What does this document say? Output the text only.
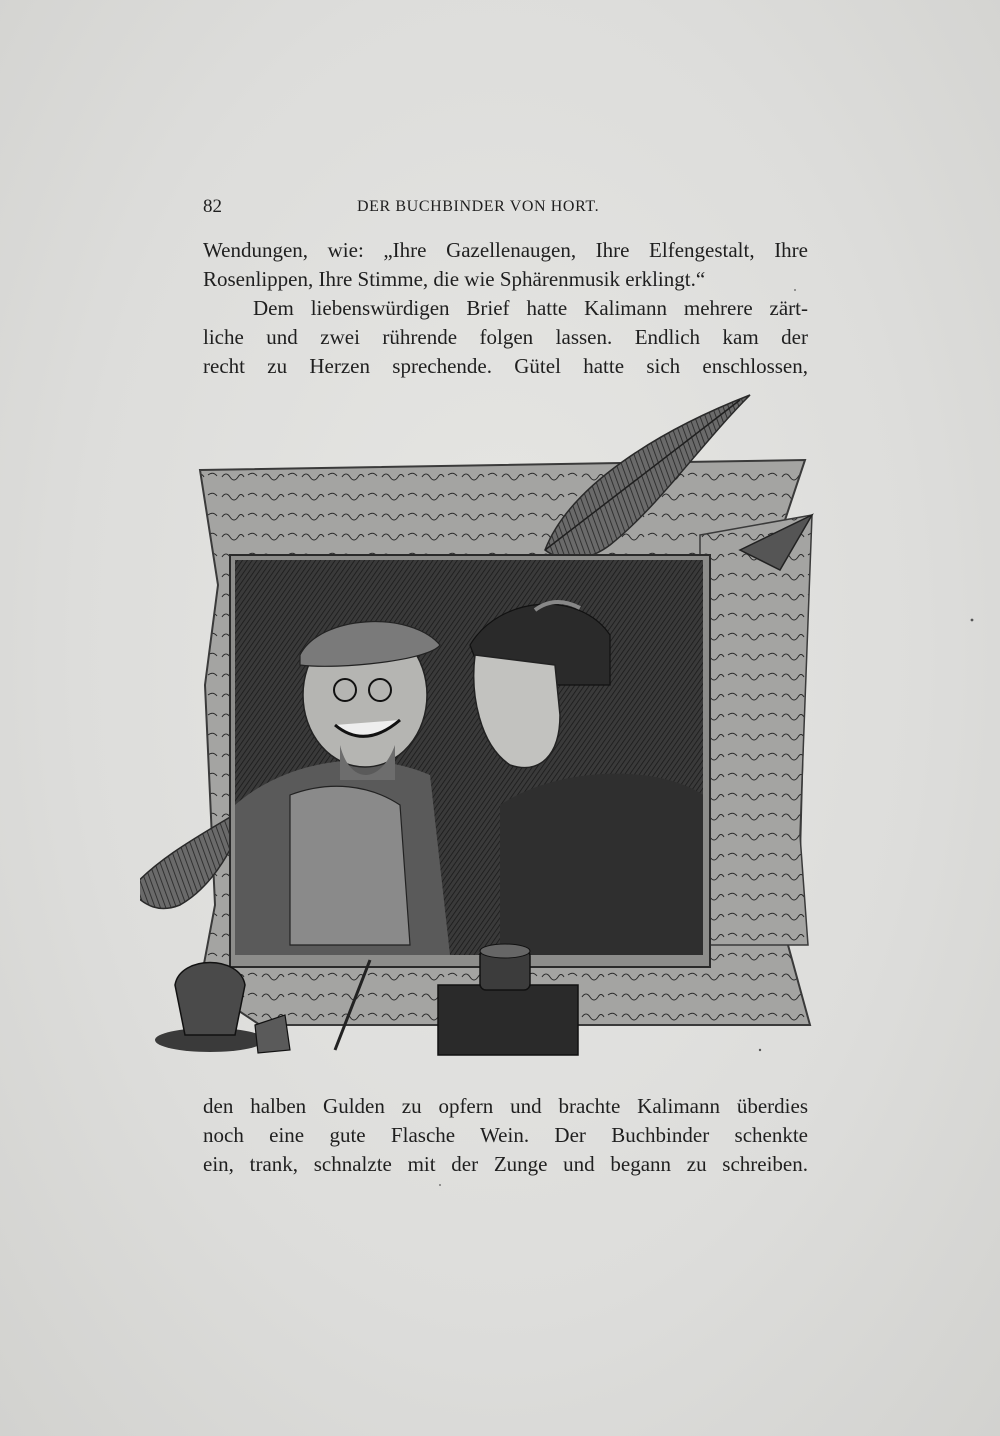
82	DER BUCHBINDER VON HORT.
Wendungen, wie: „Ihre Gazellenaugen, Ihre Elfengestalt, Ihre
Rosenlippen, Ihre Stimme, die wie Sphärenmusik erklingt.“
Dem liebenswürdigen Brief hatte Kalimann mehrere zärt-
liche und zwei rührende folgen lassen. Endlich kam der
recht zu Herzen sprechende. Gütel hatte sich enschlossen,
den halben Gulden zu opfern und brachte Kalimann überdies
noch eine gute Flasche Wein. Der Buchbinder schenkte
ein, trank, schnalzte mit der Zunge und begann zu schreiben.
